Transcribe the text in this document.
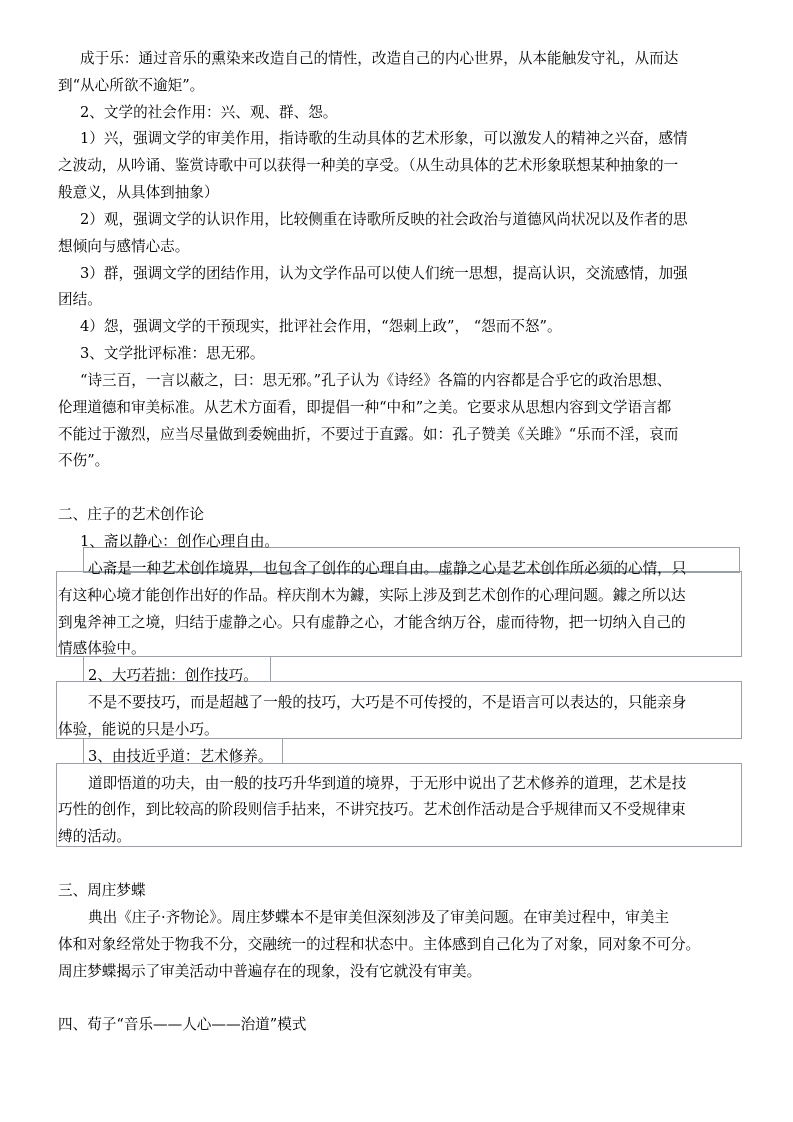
成于乐：通过音乐的熏染来改造自己的情性，改造自己的内心世界，从本能触发守礼，从而达
到“从心所欲不逾矩”。
2、文学的社会作用：兴、观、群、怨。
1）兴，强调文学的审美作用，指诗歌的生动具体的艺术形象，可以激发人的精神之兴奋，感情
之波动，从吟诵、鉴赏诗歌中可以获得一种美的享受。（从生动具体的艺术形象联想某种抽象的一
般意义，从具体到抽象）
2）观，强调文学的认识作用，比较侧重在诗歌所反映的社会政治与道德风尚状况以及作者的思
想倾向与感情心志。
3）群，强调文学的团结作用，认为文学作品可以使人们统一思想，提高认识，交流感情，加强
团结。
4）怨，强调文学的干预现实，批评社会作用，“怨刺上政”， “怨而不怒”。
3、文学批评标准：思无邪。
“诗三百，一言以蔽之，曰：思无邪。”孔子认为《诗经》各篇的内容都是合乎它的政治思想、
伦理道德和审美标准。从艺术方面看，即提倡一种“中和”之美。它要求从思想内容到文学语言都
不能过于激烈，应当尽量做到委婉曲折，不要过于直露。如：孔子赞美《关雎》“乐而不淫，哀而
不伤”。
二、庄子的艺术创作论
1、斋以静心：创作心理自由。
心斋是一种艺术创作境界，也包含了创作的心理自由。虚静之心是艺术创作所必须的心情，只
有这种心境才能创作出好的作品。梓庆削木为鐻，实际上涉及到艺术创作的心理问题。鐻之所以达
到鬼斧神工之境，归结于虚静之心。只有虚静之心，才能含纳万谷，虚而待物，把一切纳入自己的
情感体验中。
2、大巧若拙：创作技巧。
不是不要技巧，而是超越了一般的技巧，大巧是不可传授的，不是语言可以表达的，只能亲身
体验，能说的只是小巧。
3、由技近乎道：艺术修养。
道即悟道的功夫，由一般的技巧升华到道的境界，于无形中说出了艺术修养的道理，艺术是技
巧性的创作，到比较高的阶段则信手拈来，不讲究技巧。艺术创作活动是合乎规律而又不受规律束
缚的活动。
三、周庄梦蝶
典出《庄子·齐物论》。周庄梦蝶本不是审美但深刻涉及了审美问题。在审美过程中，审美主
体和对象经常处于物我不分，交融统一的过程和状态中。主体感到自己化为了对象，同对象不可分。
周庄梦蝶揭示了审美活动中普遍存在的现象，没有它就没有审美。
四、荀子“音乐——人心——治道”模式
